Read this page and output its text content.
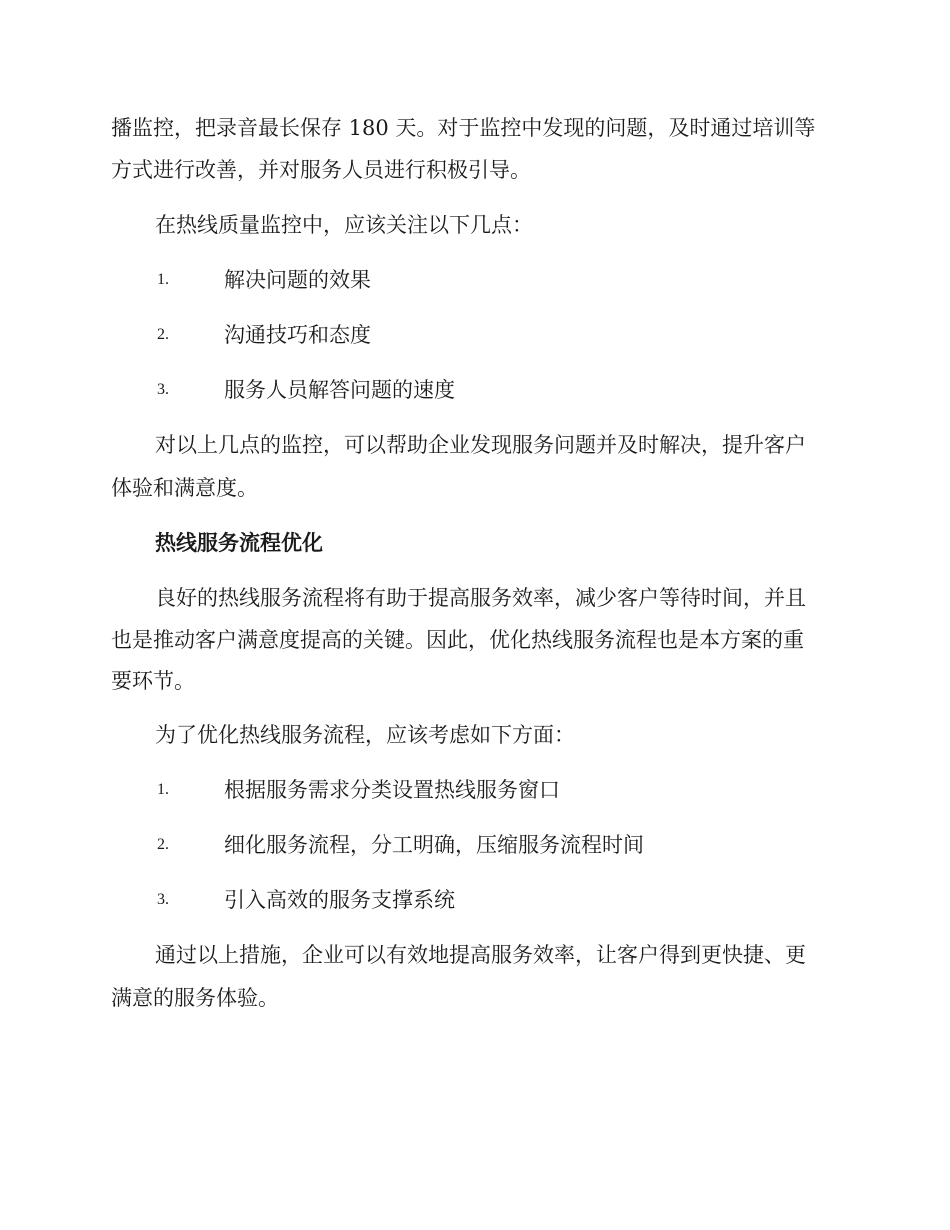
播监控，把录音最长保存 180 天。对于监控中发现的问题，及时通过培训等
方式进行改善，并对服务人员进行积极引导。
在热线质量监控中，应该关注以下几点：
1.	解决问题的效果
2.	沟通技巧和态度
3.	服务人员解答问题的速度
对以上几点的监控，可以帮助企业发现服务问题并及时解决，提升客户
体验和满意度。
热线服务流程优化
良好的热线服务流程将有助于提高服务效率，减少客户等待时间，并且
也是推动客户满意度提高的关键。因此，优化热线服务流程也是本方案的重
要环节。
为了优化热线服务流程，应该考虑如下方面：
1.	根据服务需求分类设置热线服务窗口
2.	细化服务流程，分工明确，压缩服务流程时间
3.	引入高效的服务支撑系统
通过以上措施，企业可以有效地提高服务效率，让客户得到更快捷、更
满意的服务体验。
